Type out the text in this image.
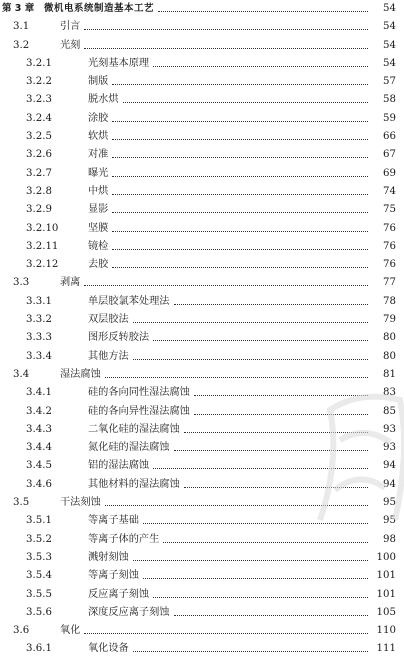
第 3 章 微机电系统制造基本工艺	54
3.1	引言	54
3.2	光刻	54
3.2.1	光刻基本原理	54
3.2.2	制版	57
3.2.3	脱水烘	58
3.2.4	涂胶	59
3.2.5	软烘	66
3.2.6	对准	67
3.2.7	曝光	69
3.2.8	中烘	74
3.2.9	显影	75
3.2.10	坚膜	76
3.2.11	镜检	76
3.2.12	去胶	76
3.3	剥离	77
3.3.1	单层胶氯苯处理法	78
3.3.2	双层胶法	79
3.3.3	图形反转胶法	80
3.3.4	其他方法	80
3.4	湿法腐蚀	81
3.4.1	硅的各向同性湿法腐蚀	83
3.4.2	硅的各向异性湿法腐蚀	85
3.4.3	二氧化硅的湿法腐蚀	93
3.4.4	氮化硅的湿法腐蚀	93
3.4.5	铝的湿法腐蚀	94
3.4.6	其他材料的湿法腐蚀	94
3.5	干法刻蚀	95
3.5.1	等离子基础	95
3.5.2	等离子体的产生	98
3.5.3	溅射刻蚀	100
3.5.4	等离子刻蚀	101
3.5.5	反应离子刻蚀	101
3.5.6	深度反应离子刻蚀	105
3.6	氧化	110
3.6.1	氧化设备	111
